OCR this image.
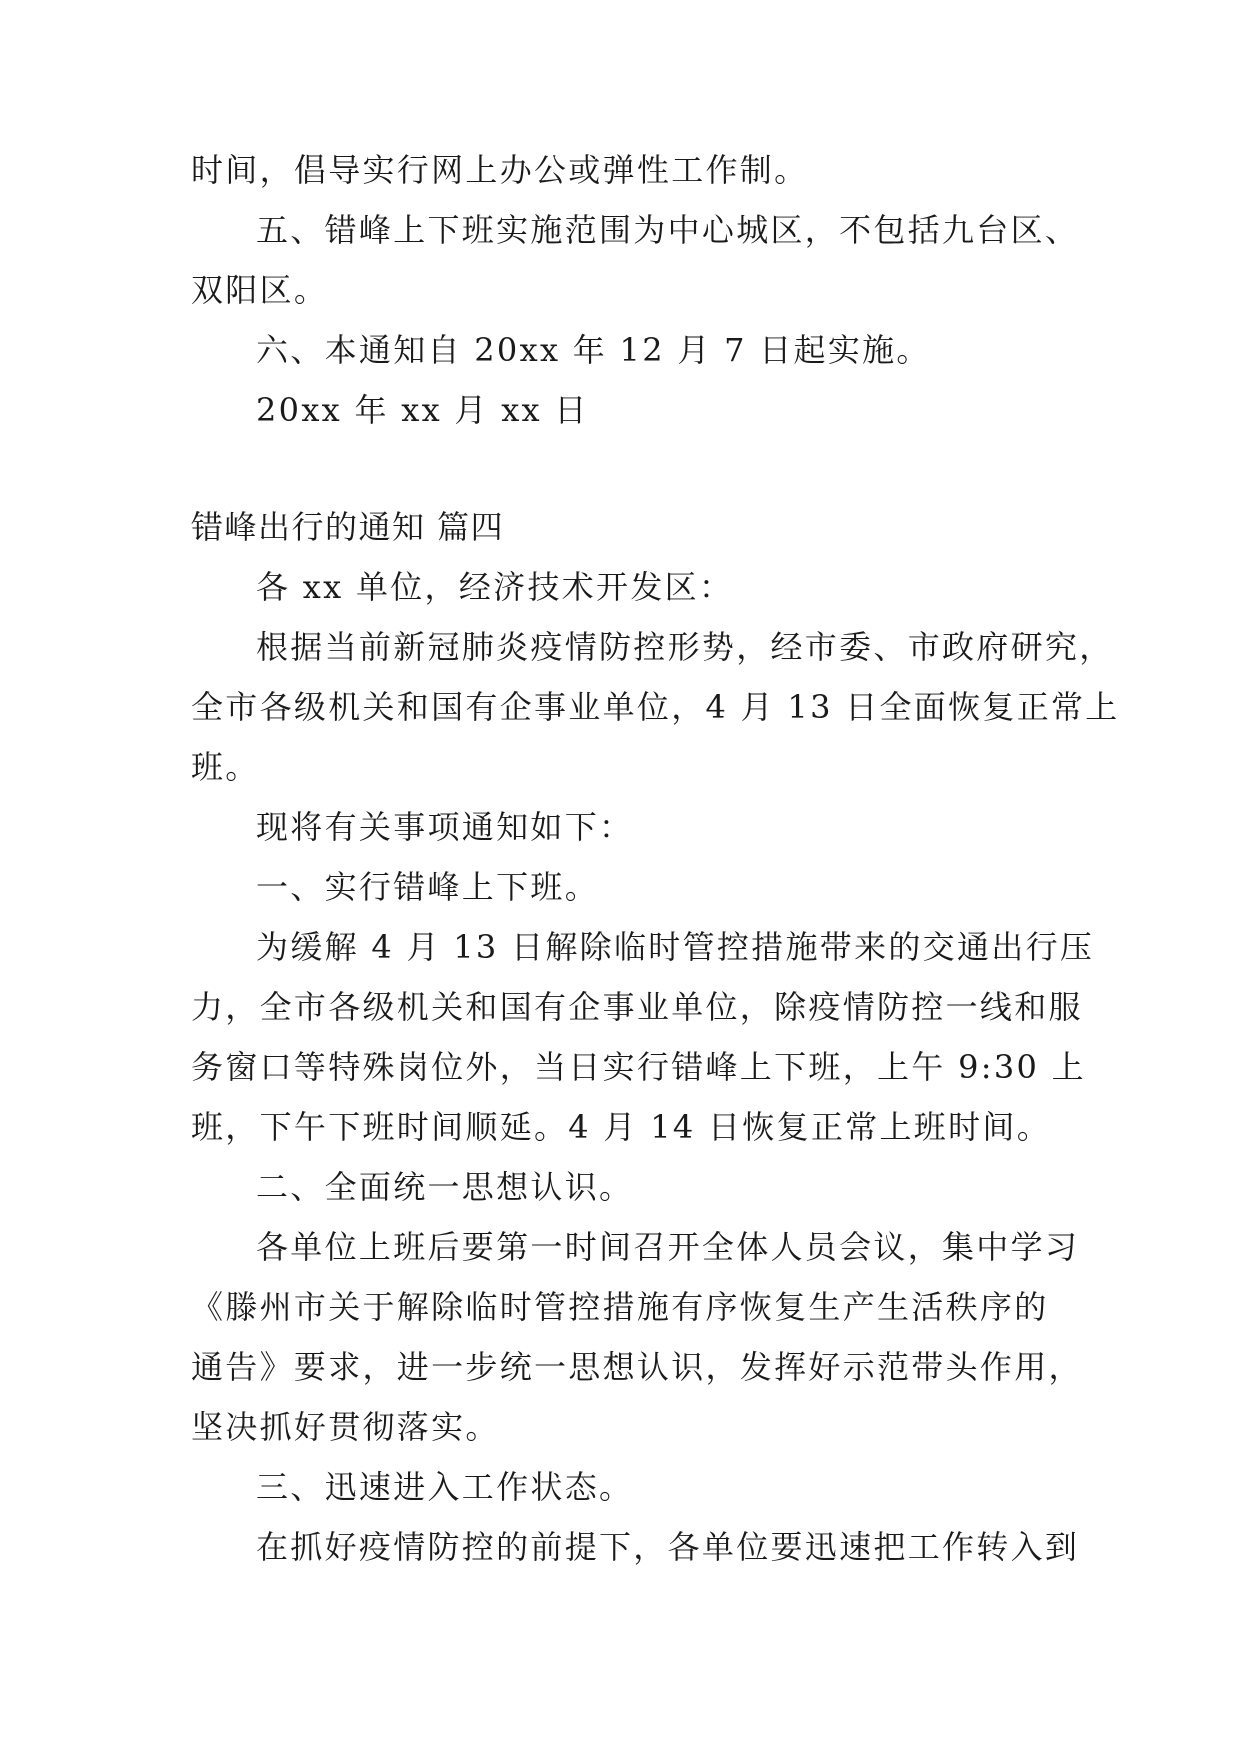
时间，倡导实行网上办公或弹性工作制。
五、错峰上下班实施范围为中心城区，不包括九台区、
双阳区。
六、本通知自 20xx 年 12 月 7 日起实施。
20xx 年 xx 月 xx 日
错峰出行的通知 篇四
各 xx 单位，经济技术开发区：
根据当前新冠肺炎疫情防控形势，经市委、市政府研究，
全市各级机关和国有企事业单位，4 月 13 日全面恢复正常上
班。
现将有关事项通知如下：
一、实行错峰上下班。
为缓解 4 月 13 日解除临时管控措施带来的交通出行压
力，全市各级机关和国有企事业单位，除疫情防控一线和服
务窗口等特殊岗位外，当日实行错峰上下班，上午 9:30 上
班，下午下班时间顺延。4 月 14 日恢复正常上班时间。
二、全面统一思想认识。
各单位上班后要第一时间召开全体人员会议，集中学习
《滕州市关于解除临时管控措施有序恢复生产生活秩序的
通告》要求，进一步统一思想认识，发挥好示范带头作用，
坚决抓好贯彻落实。
三、迅速进入工作状态。
在抓好疫情防控的前提下，各单位要迅速把工作转入到
